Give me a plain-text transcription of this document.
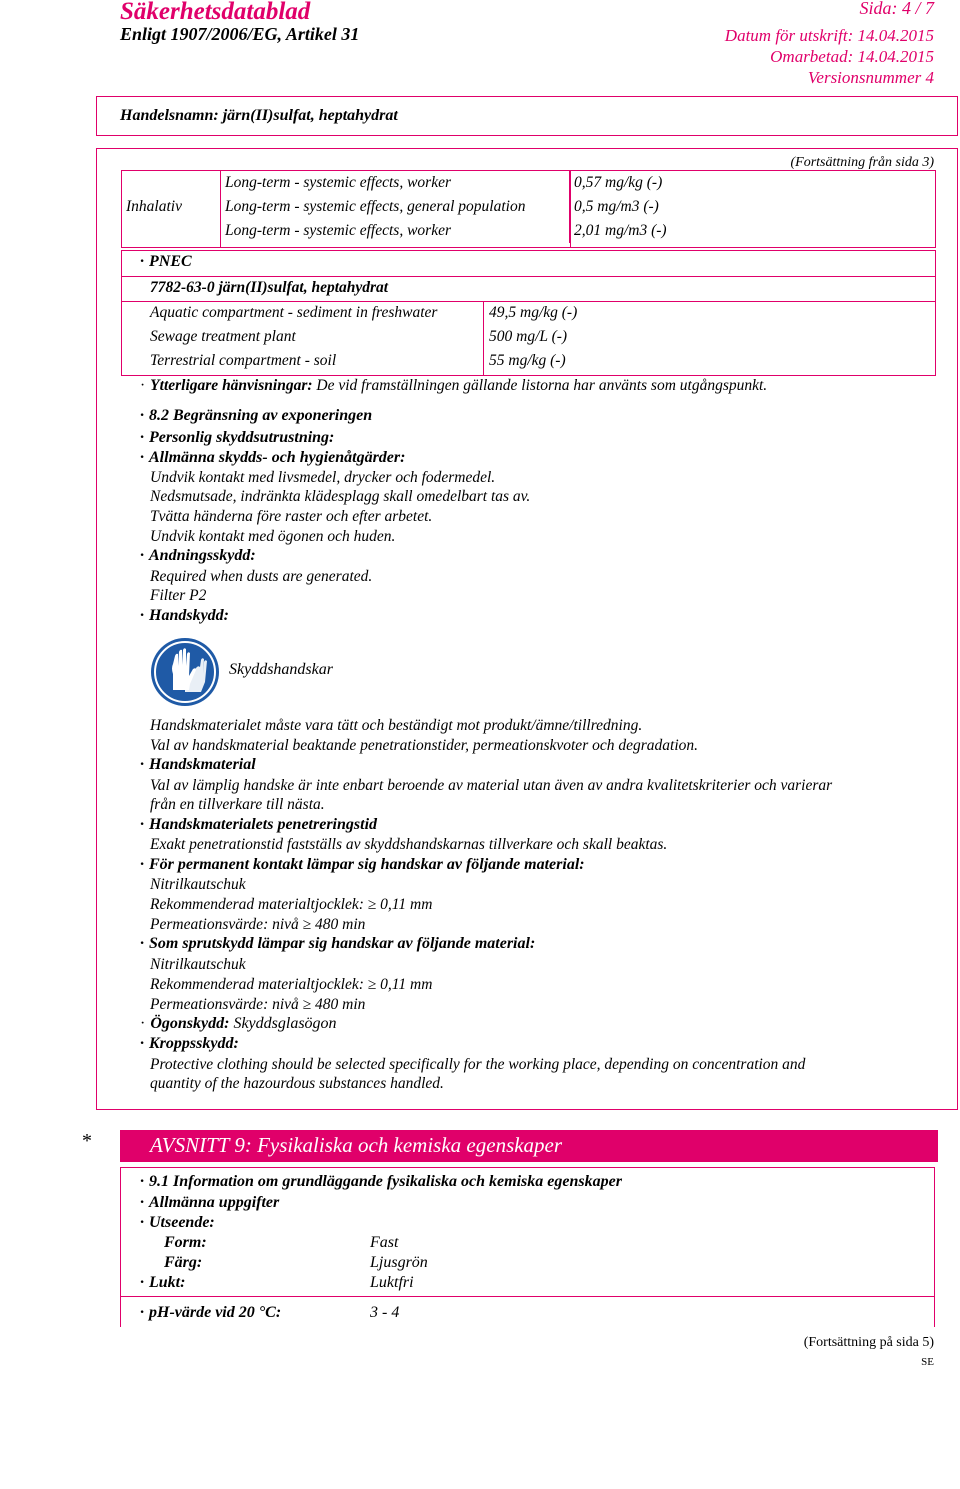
Säkerhetsdatablad
Enligt 1907/2006/EG, Artikel 31
Sida: 4 / 7
Datum för utskrift: 14.04.2015
Omarbetad: 14.04.2015
Versionsnummer 4
Handelsnamn: järn(II)sulfat, heptahydrat
(Fortsättning från sida 3)
Inhalativ	Long-term - systemic effects, worker	0,57 mg/kg (-)
	Long-term - systemic effects, general population	0,5 mg/m3 (-)
	Long-term - systemic effects, worker	2,01 mg/m3 (-)
· PNEC
7782-63-0 järn(II)sulfat, heptahydrat
Aquatic compartment - sediment in freshwater	49,5 mg/kg (-)
Sewage treatment plant	500 mg/L (-)
Terrestrial compartment - soil	55 mg/kg (-)
· Ytterligare hänvisningar: De vid framställningen gällande listorna har använts som utgångspunkt.
· 8.2 Begränsning av exponeringen
· Personlig skyddsutrustning:
· Allmänna skydds- och hygienåtgärder:
Undvik kontakt med livsmedel, drycker och fodermedel.
Nedsmutsade, indränkta klädesplagg skall omedelbart tas av.
Tvätta händerna före raster och efter arbetet.
Undvik kontakt med ögonen och huden.
· Andningsskydd:
Required when dusts are generated.
Filter P2
· Handskydd:
Skyddshandskar
Handskmaterialet måste vara tätt och beständigt mot produkt/ämne/tillredning.
Val av handskmaterial beaktande penetrationstider, permeationskvoter och degradation.
· Handskmaterial
Val av lämplig handske är inte enbart beroende av material utan även av andra kvalitetskriterier och varierar
från en tillverkare till nästa.
· Handskmaterialets penetreringstid
Exakt penetrationstid fastställs av skyddshandskarnas tillverkare och skall beaktas.
· För permanent kontakt lämpar sig handskar av följande material:
Nitrilkautschuk
Rekommenderad materialtjocklek: ≥ 0,11 mm
Permeationsvärde: nivå ≥ 480 min
· Som sprutskydd lämpar sig handskar av följande material:
Nitrilkautschuk
Rekommenderad materialtjocklek: ≥ 0,11 mm
Permeationsvärde: nivå ≥ 480 min
· Ögonskydd: Skyddsglasögon
· Kroppsskydd:
Protective clothing should be selected specifically for the working place, depending on concentration and
quantity of the hazourdous substances handled.
*	AVSNITT 9: Fysikaliska och kemiska egenskaper
· 9.1 Information om grundläggande fysikaliska och kemiska egenskaper
· Allmänna uppgifter
· Utseende:
Form:	Fast
Färg:	Ljusgrön
· Lukt:	Luktfri
· pH-värde vid 20 °C:	3 - 4
(Fortsättning på sida 5)
SE
